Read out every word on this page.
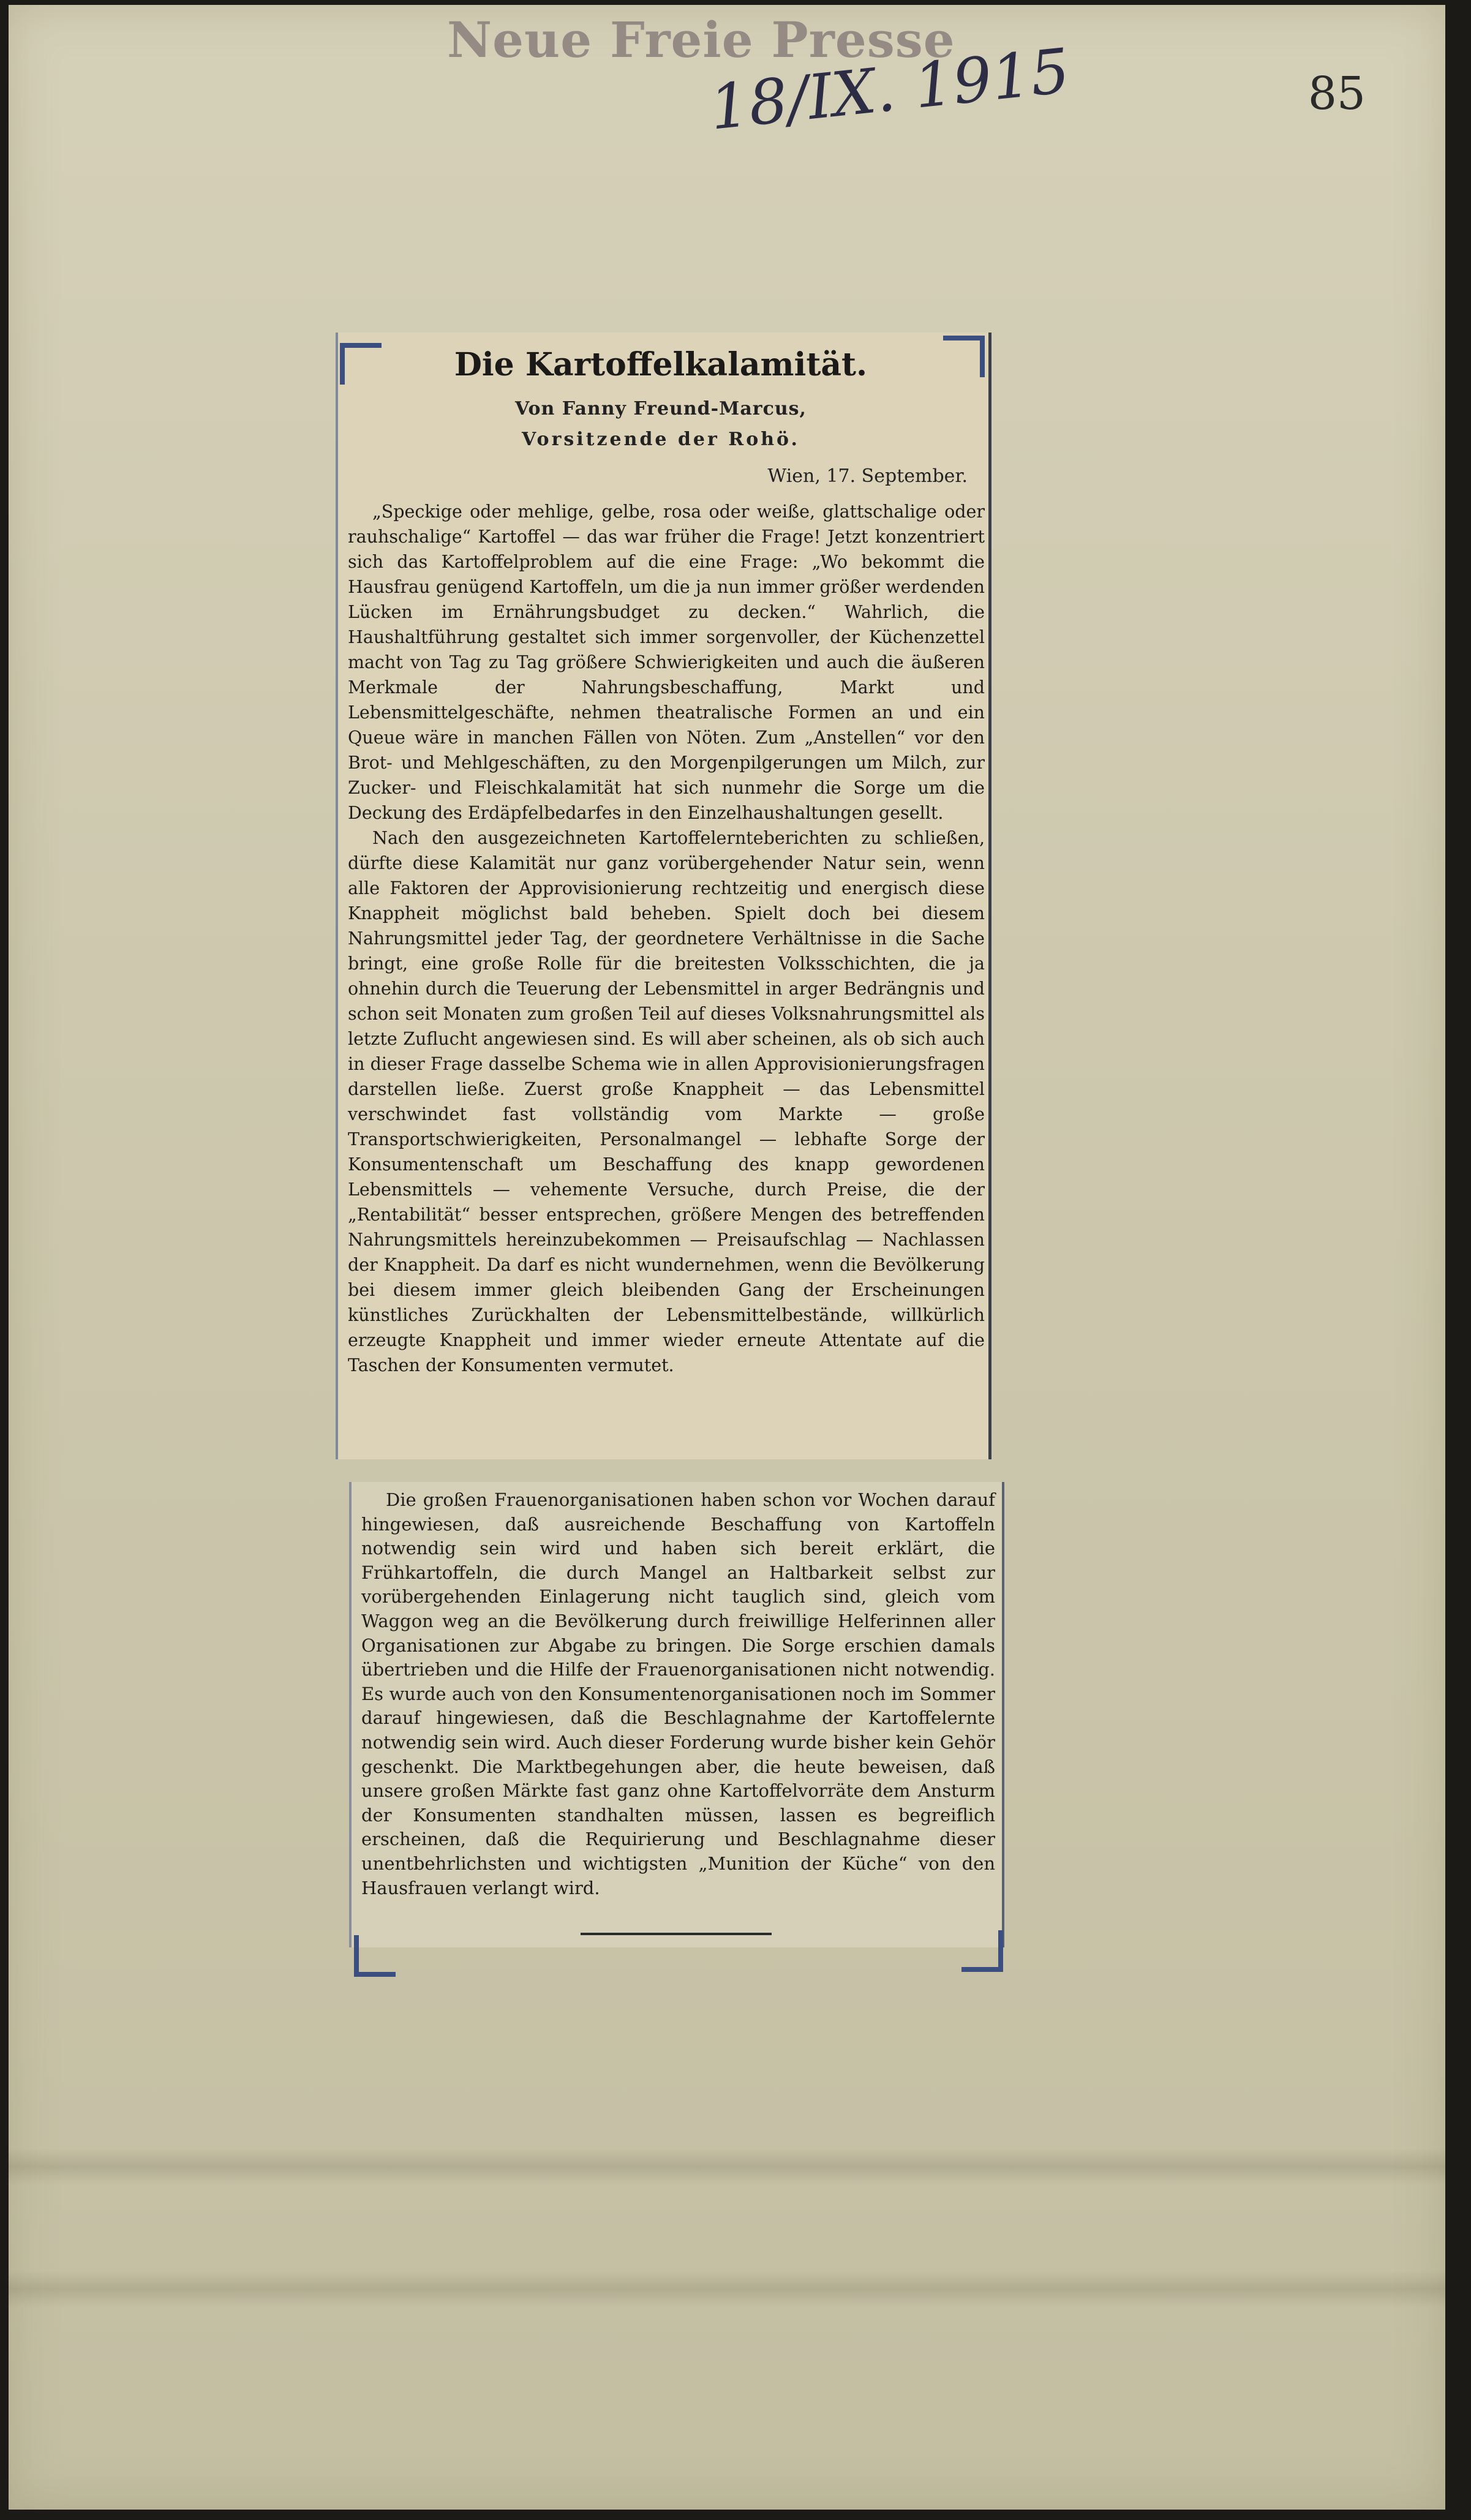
Neue Freie Presse
18/IX. 1915	85
Die Kartoffelkalamität.
Von Fanny Freund-Marcus,
Vorsitzende der Rohö.
Wien, 17. September.

„Speckige oder mehlige, gelbe, rosa oder weiße, glattschalige oder rauhschalige“ Kartoffel — das war früher die Frage! Jetzt konzentriert sich das Kartoffelproblem auf die eine Frage: „Wo bekommt die Hausfrau genügend Kartoffeln, um die ja nun immer größer werdenden Lücken im Ernährungsbudget zu decken.“ Wahrlich, die Haushaltführung gestaltet sich immer sorgenvoller, der Küchenzettel macht von Tag zu Tag größere Schwierigkeiten und auch die äußeren Merkmale der Nahrungsbeschaffung, Markt und Lebensmittelgeschäfte, nehmen theatralische Formen an und ein Queue wäre in manchen Fällen von Nöten. Zum „Anstellen“ vor den Brot- und Mehlgeschäften, zu den Morgenpilgerungen um Milch, zur Zucker- und Fleischkalamität hat sich nunmehr die Sorge um die Deckung des Erdäpfelbedarfes in den Einzelhaushaltungen gesellt.

Nach den ausgezeichneten Kartoffelernteberichten zu schließen, dürfte diese Kalamität nur ganz vorübergehender Natur sein, wenn alle Faktoren der Approvisionierung rechtzeitig und energisch diese Knappheit möglichst bald beheben. Spielt doch bei diesem Nahrungsmittel jeder Tag, der geordnetere Verhältnisse in die Sache bringt, eine große Rolle für die breitesten Volksschichten, die ja ohnehin durch die Teuerung der Lebensmittel in arger Bedrängnis und schon seit Monaten zum großen Teil auf dieses Volksnahrungsmittel als letzte Zuflucht angewiesen sind. Es will aber scheinen, als ob sich auch in dieser Frage dasselbe Schema wie in allen Approvisionierungsfragen darstellen ließe. Zuerst große Knappheit — das Lebensmittel verschwindet fast vollständig vom Markte — große Transportschwierigkeiten, Personalmangel — lebhafte Sorge der Konsumentenschaft um Beschaffung des knapp gewordenen Lebensmittels — vehemente Versuche, durch Preise, die der „Rentabilität“ besser entsprechen, größere Mengen des betreffenden Nahrungsmittels hereinzubekommen — Preisaufschlag — Nachlassen der Knappheit. Da darf es nicht wundernehmen, wenn die Bevölkerung bei diesem immer gleich bleibenden Gang der Erscheinungen künstliches Zurückhalten der Lebensmittelbestände, willkürlich erzeugte Knappheit und immer wieder erneute Attentate auf die Taschen der Konsumenten vermutet.

Die großen Frauenorganisationen haben schon vor Wochen darauf hingewiesen, daß ausreichende Beschaffung von Kartoffeln notwendig sein wird und haben sich bereit erklärt, die Frühkartoffeln, die durch Mangel an Haltbarkeit selbst zur vorübergehenden Einlagerung nicht tauglich sind, gleich vom Waggon weg an die Bevölkerung durch freiwillige Helferinnen aller Organisationen zur Abgabe zu bringen. Die Sorge erschien damals übertrieben und die Hilfe der Frauenorganisationen nicht notwendig. Es wurde auch von den Konsumentenorganisationen noch im Sommer darauf hingewiesen, daß die Beschlagnahme der Kartoffelernte notwendig sein wird. Auch dieser Forderung wurde bisher kein Gehör geschenkt. Die Marktbegehungen aber, die heute beweisen, daß unsere großen Märkte fast ganz ohne Kartoffelvorräte dem Ansturm der Konsumenten standhalten müssen, lassen es begreiflich erscheinen, daß die Requirierung und Beschlagnahme dieser unentbehrlichsten und wichtigsten „Munition der Küche“ von den Hausfrauen verlangt wird.
